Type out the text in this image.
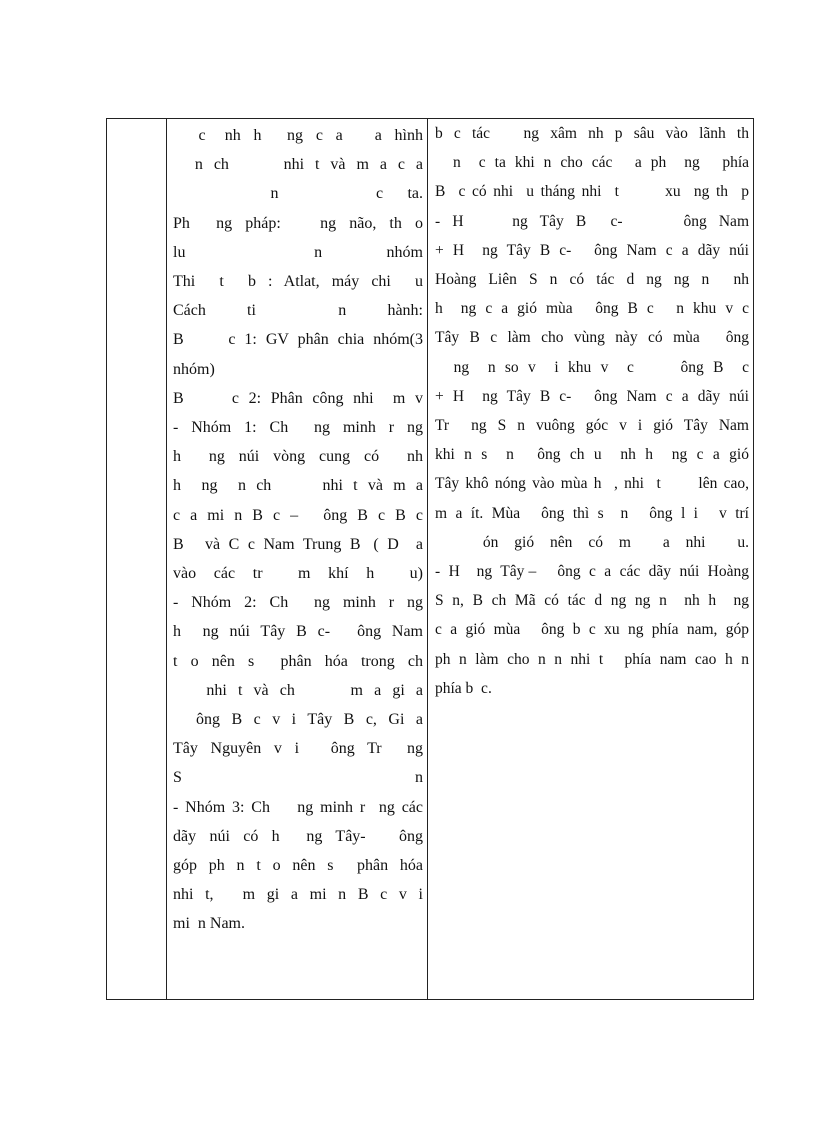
c   nh  h    ng  c  a     a  hình
n  ch          nhi  t  và  m  a  c  a
n    c ta.
Ph    ng  pháp:      ng  não,  th  o
lu  n nhóm
Thi  t  b : Atlat, máy chi  u
Cách ti  n hành:
B     c 1: GV phân chia nhóm(3
nhóm)
B     c 2: Phân công nhi  m v
-  Nhóm  1:  Ch    ng  minh  r  ng
h    ng  núi  vòng  cung  có    nh
h    ng    n  ch          nhi  t  và  m  a
c  a  mi  n  B  c  –     ông  B  c  B  c
B     và  C  c  Nam  Trung  B   (  D    a
vào các tr  m khí h  u)
-  Nhóm  2:  Ch    ng  minh  r  ng
h    ng  núi  Tây  B  c-     ông  Nam
t  o  nên  s    phân  hóa  trong  ch
nhi  t  và  ch          m  a  gi  a
ông  B  c  v  i  Tây  B  c,  Gi  a
Tây  Nguyên  v  i     ông  Tr    ng
S  n
- Nhóm 3: Ch    ng minh r  ng các
dãy  núi  có  h    ng  Tây-     ông
góp  ph  n  t  o  nên  s    phân  hóa
nhi  t,     m  gi  a  mi  n  B  c  v  i
mi  n Nam.

b  c  tác      ng  xâm  nh  p  sâu  vào  lãnh  th
n    c  ta  khi  n  cho  các     a  ph    ng     phía
B  c có nhi  u tháng nhi  t       xu  ng th  p
- H    ng Tây B  c-     ông Nam
+  H    ng  Tây  B  c-     ông  Nam  c  a  dãy  núi
Hoàng  Liên  S  n  có  tác  d  ng  ng  n    nh
h    ng  c  a  gió  mùa     ông  B  c     n  khu  v  c
Tây  B  c  làm  cho  vùng  này  có  mùa     ông
ng  n so v  i khu v  c     ông B  c
+  H    ng  Tây  B  c-     ông  Nam  c  a  dãy  núi
Tr    ng  S  n  vuông  góc  v  i  gió  Tây  Nam
khi  n  s    n     ông  ch  u    nh  h    ng  c  a  gió
Tây khô nóng vào mùa h  , nhi  t      lên cao,
m  a  ít.  Mùa     ông  thì  s    n     ông  l  i     v  trí
ón gió nên có m  a nhi  u.
-  H    ng  Tây –     ông  c  a  các  dãy  núi  Hoàng
S  n,  B  ch  Mã  có  tác  d  ng  ng  n    nh  h    ng
c  a  gió  mùa     ông  b  c  xu  ng  phía  nam,  góp
ph  n  làm  cho  n  n  nhi  t     phía  nam  cao  h  n
phía b  c.
